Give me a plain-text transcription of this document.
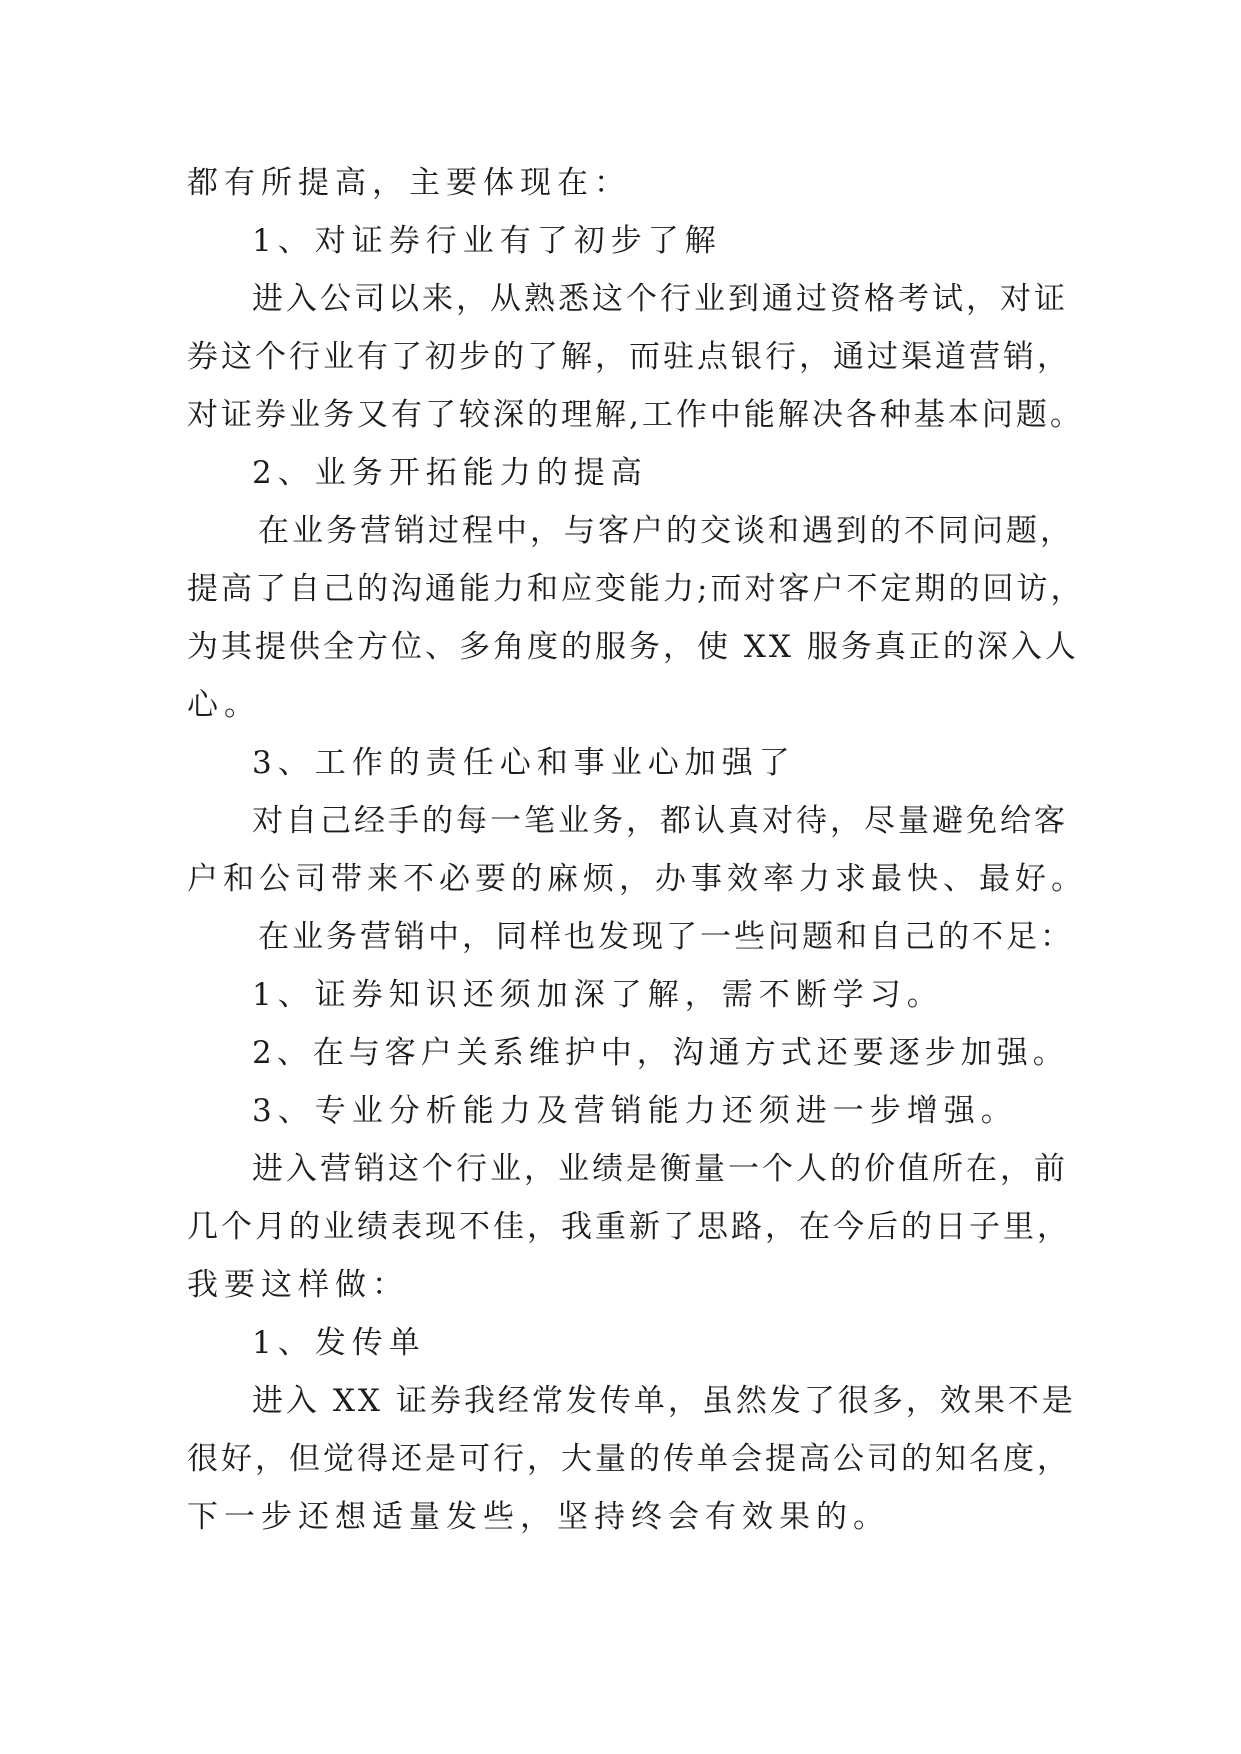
都有所提高，主要体现在：
1、对证券行业有了初步了解
进入公司以来，从熟悉这个行业到通过资格考试，对证
券这个行业有了初步的了解，而驻点银行，通过渠道营销，
对证券业务又有了较深的理解,工作中能解决各种基本问题。
2、业务开拓能力的提高
在业务营销过程中，与客户的交谈和遇到的不同问题，
提高了自己的沟通能力和应变能力;而对客户不定期的回访，
为其提供全方位、多角度的服务，使 XX 服务真正的深入人
心。
3、工作的责任心和事业心加强了
对自己经手的每一笔业务，都认真对待，尽量避免给客
户和公司带来不必要的麻烦，办事效率力求最快、最好。
在业务营销中，同样也发现了一些问题和自己的不足：
1、证券知识还须加深了解，需不断学习。
2、在与客户关系维护中，沟通方式还要逐步加强。
3、专业分析能力及营销能力还须进一步增强。
进入营销这个行业，业绩是衡量一个人的价值所在，前
几个月的业绩表现不佳，我重新了思路，在今后的日子里，
我要这样做：
1、发传单
进入 XX 证券我经常发传单，虽然发了很多，效果不是
很好，但觉得还是可行，大量的传单会提高公司的知名度，
下一步还想适量发些，坚持终会有效果的。
